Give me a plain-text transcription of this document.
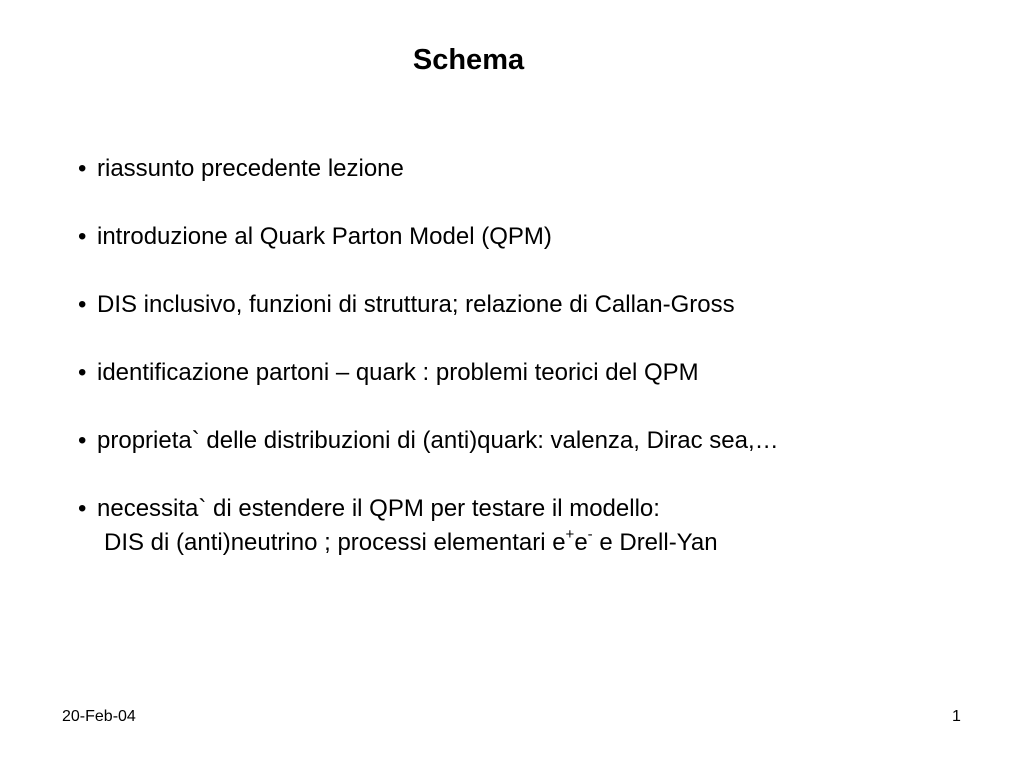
Schema
• riassunto precedente lezione
• introduzione al Quark Parton Model (QPM)
• DIS inclusivo, funzioni di struttura; relazione di Callan-Gross
• identificazione partoni – quark : problemi teorici del QPM
• proprieta` delle distribuzioni di (anti)quark: valenza, Dirac sea,…
• necessita` di estendere il QPM per testare il modello:
DIS di (anti)neutrino ; processi elementari e+e- e Drell-Yan
20-Feb-04	1
